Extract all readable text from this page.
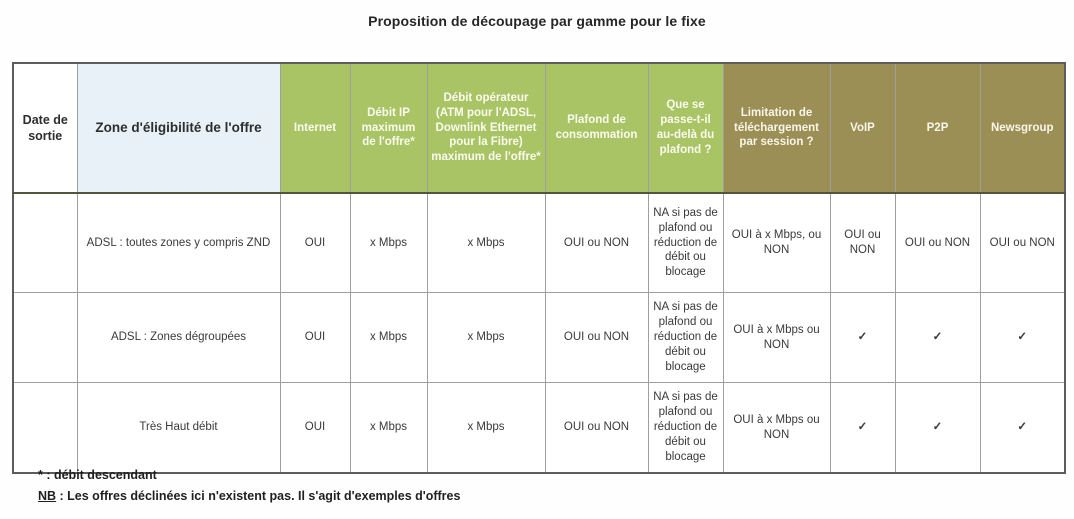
Proposition de découpage par gamme pour le fixe
Date de sortie	Zone d'éligibilité de l'offre	Internet	Débit IP maximum de l'offre*	Débit opérateur (ATM pour l'ADSL, Downlink Ethernet pour la Fibre) maximum de l'offre*	Plafond de consommation	Que se passe-t-il au-delà du plafond ?	Limitation de téléchargement par session ?	VoIP	P2P	Newsgroup
	ADSL : toutes zones y compris ZND	OUI	x Mbps	x Mbps	OUI ou NON	NA si pas de plafond ou réduction de débit ou blocage	OUI à x Mbps, ou NON	OUI ou NON	OUI ou NON	OUI ou NON
	ADSL : Zones dégroupées	OUI	x Mbps	x Mbps	OUI ou NON	NA si pas de plafond ou réduction de débit ou blocage	OUI à x Mbps ou NON	✓	✓	✓
	Très Haut débit	OUI	x Mbps	x Mbps	OUI ou NON	NA si pas de plafond ou réduction de débit ou blocage	OUI à x Mbps ou NON	✓	✓	✓

* : débit descendant

NB : Les offres déclinées ici n'existent pas. Il s'agit d'exemples d'offres
